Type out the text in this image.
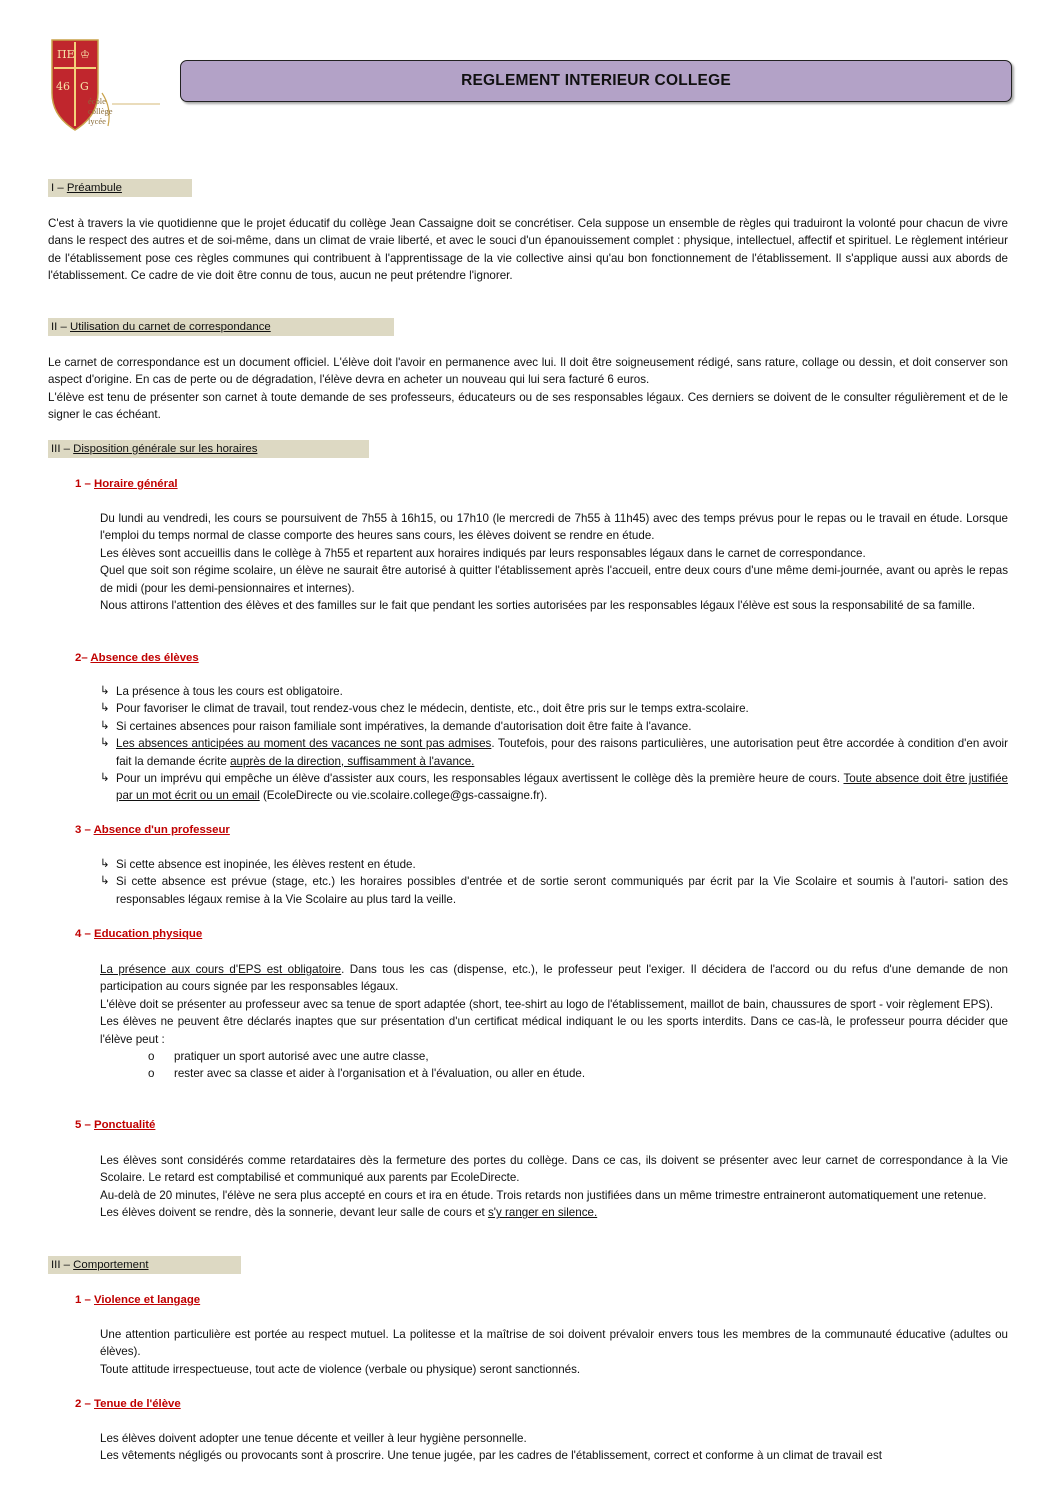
ПЕ ♔
46 G
école
collège
lycée
REGLEMENT INTERIEUR COLLEGE
I – Préambule

C'est à travers la vie quotidienne que le projet éducatif du collège Jean Cassaigne doit se concrétiser. Cela suppose un ensemble de règles qui traduiront la volonté pour chacun de vivre dans le respect des autres et de soi-même, dans un climat de vraie liberté, et avec le souci d'un épanouissement complet : physique, intellectuel, affectif et spirituel. Le règlement intérieur de l'établissement pose ces règles communes qui contribuent à l'apprentissage de la vie collective ainsi qu'au bon fonctionnement de l'établissement. Il s'applique aussi aux abords de l'établissement. Ce cadre de vie doit être connu de tous, aucun ne peut prétendre l'ignorer.

II – Utilisation du carnet de correspondance

Le carnet de correspondance est un document officiel. L'élève doit l'avoir en permanence avec lui. Il doit être soigneusement rédigé, sans rature, collage ou dessin, et doit conserver son aspect d'origine. En cas de perte ou de dégradation, l'élève devra en acheter un nouveau qui lui sera facturé 6 euros.

L'élève est tenu de présenter son carnet à toute demande de ses professeurs, éducateurs ou de ses responsables légaux. Ces derniers se doivent de le consulter régulièrement et de le signer le cas échéant.

III – Disposition générale sur les horaires
1 – Horaire général

Du lundi au vendredi, les cours se poursuivent de 7h55 à 16h15, ou 17h10 (le mercredi de 7h55 à 11h45) avec des temps prévus pour le repas ou le travail en étude. Lorsque l'emploi du temps normal de classe comporte des heures sans cours, les élèves doivent se rendre en étude.

Les élèves sont accueillis dans le collège à 7h55 et repartent aux horaires indiqués par leurs responsables légaux dans le carnet de correspondance.

Quel que soit son régime scolaire, un élève ne saurait être autorisé à quitter l'établissement après l'accueil, entre deux cours d'une même demi-journée, avant ou après le repas de midi (pour les demi-pensionnaires et internes).

Nous attirons l'attention des élèves et des familles sur le fait que pendant les sorties autorisées par les responsables légaux l'élève est sous la responsabilité de sa famille.

2– Absence des élèves
↳ La présence à tous les cours est obligatoire.
↳ Pour favoriser le climat de travail, tout rendez-vous chez le médecin, dentiste, etc., doit être pris sur le temps extra-scolaire.
↳ Si certaines absences pour raison familiale sont impératives, la demande d'autorisation doit être faite à l'avance.
↳ Les absences anticipées au moment des vacances ne sont pas admises. Toutefois, pour des raisons particulières, une autorisation peut être accordée à condition d'en avoir fait la demande écrite auprès de la direction, suffisamment à l'avance.
↳ Pour un imprévu qui empêche un élève d'assister aux cours, les responsables légaux avertissent le collège dès la première heure de cours. Toute absence doit être justifiée par un mot écrit ou un email (EcoleDirecte ou vie.scolaire.college@gs-cassaigne.fr).
3 – Absence d'un professeur
↳ Si cette absence est inopinée, les élèves restent en étude.
↳ Si cette absence est prévue (stage, etc.) les horaires possibles d'entrée et de sortie seront communiqués par écrit par la Vie Scolaire et soumis à l'autori- sation des responsables légaux remise à la Vie Scolaire au plus tard la veille.
4 – Education physique

La présence aux cours d'EPS est obligatoire. Dans tous les cas (dispense, etc.), le professeur peut l'exiger. Il décidera de l'accord ou du refus d'une demande de non participation au cours signée par les responsables légaux.

L'élève doit se présenter au professeur avec sa tenue de sport adaptée (short, tee-shirt au logo de l'établissement, maillot de bain, chaussures de sport - voir règlement EPS).

Les élèves ne peuvent être déclarés inaptes que sur présentation d'un certificat médical indiquant le ou les sports interdits. Dans ce cas-là, le professeur pourra décider que l'élève peut :

o pratiquer un sport autorisé avec une autre classe,

o rester avec sa classe et aider à l'organisation et à l'évaluation, ou aller en étude.

5 – Ponctualité

Les élèves sont considérés comme retardataires dès la fermeture des portes du collège. Dans ce cas, ils doivent se présenter avec leur carnet de correspondance à la Vie Scolaire. Le retard est comptabilisé et communiqué aux parents par EcoleDirecte.

Au-delà de 20 minutes, l'élève ne sera plus accepté en cours et ira en étude. Trois retards non justifiées dans un même trimestre entraineront automatiquement une retenue.

Les élèves doivent se rendre, dès la sonnerie, devant leur salle de cours et s'y ranger en silence.

III – Comportement
1 – Violence et langage

Une attention particulière est portée au respect mutuel. La politesse et la maîtrise de soi doivent prévaloir envers tous les membres de la communauté éducative (adultes ou élèves).

Toute attitude irrespectueuse, tout acte de violence (verbale ou physique) seront sanctionnés.

2 – Tenue de l'élève

Les élèves doivent adopter une tenue décente et veiller à leur hygiène personnelle.

Les vêtements négligés ou provocants sont à proscrire. Une tenue jugée, par les cadres de l'établissement, correct et conforme à un climat de travail est
